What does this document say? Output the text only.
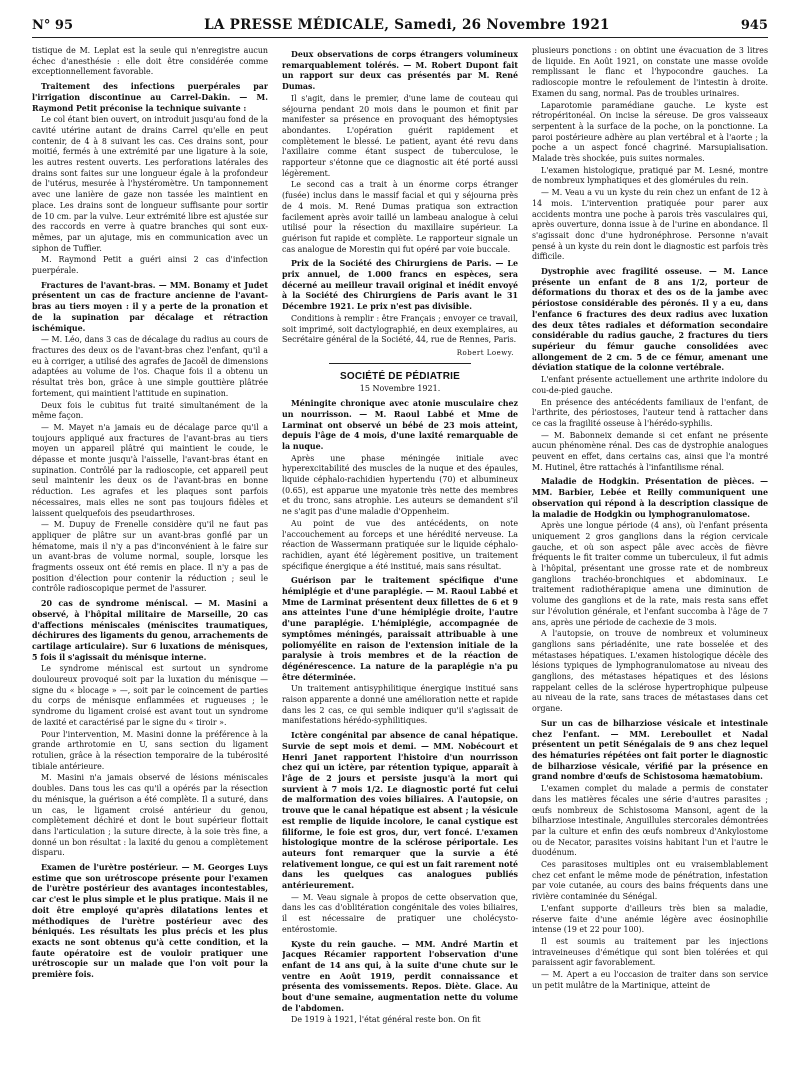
N° 95	LA PRESSE MÉDICALE, Samedi, 26 Novembre 1921	945

tistique de M. Leplat est la seule qui n'enregistre aucun échec d'anesthésie : elle doit être considérée comme exceptionnellement favorable.

Traitement des infections puerpérales par l'irrigation discontinue au Carrel-Dakin. — M. Raymond Petit préconise la technique suivante :

Le col étant bien ouvert, on introduit jusqu'au fond de la cavité utérine autant de drains Carrel qu'elle en peut contenir, de 4 à 8 suivant les cas. Ces drains sont, pour moitié, fermés à une extrémité par une ligature à la soie, les autres restent ouverts. Les perforations latérales des drains sont faites sur une longueur égale à la profondeur de l'utérus, mesurée à l'hystéromètre. Un tamponnement avec une lanière de gaze non tassée les maintient en place. Les drains sont de longueur suffisante pour sortir de 10 cm. par la vulve. Leur extrémité libre est ajustée sur des raccords en verre à quatre branches qui sont eux-mêmes, par un ajutage, mis en communication avec un siphon de Tuffier.

M. Raymond Petit a guéri ainsi 2 cas d'infection puerpérale.

Fractures de l'avant-bras. — MM. Bonamy et Judet présentent un cas de fracture ancienne de l'avant-bras au tiers moyen : il y a perte de la pronation et de la supination par décalage et rétraction ischémique.

— M. Léo, dans 3 cas de décalage du radius au cours de fractures des deux os de l'avant-bras chez l'enfant, qu'il a eu à corriger, a utilisé des agrafes de Jacoël de dimensions adaptées au volume de l'os. Chaque fois il a obtenu un résultat très bon, grâce à une simple gouttière plâtrée fortement, qui maintient l'attitude en supination.

Deux fois le cubitus fut traité simultanément de la même façon.

— M. Mayet n'a jamais eu de décalage parce qu'il a toujours appliqué aux fractures de l'avant-bras au tiers moyen un appareil plâtré qui maintient le coude, le dépasse et monte jusqu'à l'aisselle, l'avant-bras étant en supination. Contrôlé par la radioscopie, cet appareil peut seul maintenir les deux os de l'avant-bras en bonne réduction. Les agrafes et les plaques sont parfois nécessaires, mais elles ne sont pas toujours fidèles et laissent quelquefois des pseudarthroses.

— M. Dupuy de Frenelle considère qu'il ne faut pas appliquer de plâtre sur un avant-bras gonflé par un hématome, mais il n'y a pas d'inconvénient à le faire sur un avant-bras de volume normal, souple, lorsque les fragments osseux ont été remis en place. Il n'y a pas de position d'élection pour contenir la réduction ; seul le contrôle radioscopique permet de l'assurer.

20 cas de syndrome méniscal. — M. Masini a observé, à l'hôpital militaire de Marseille, 20 cas d'affections méniscales (méniscites traumatiques, déchirures des ligaments du genou, arrachements de cartilage articulaire). Sur 6 luxations de ménisques, 5 fois il s'agissait du ménisque interne.

Le syndrome méniscal est surtout un syndrome douloureux provoqué soit par la luxation du ménisque — signe du « blocage » —, soit par le coincement de parties du corps de ménisque enflammées et rugueuses ; le syndrome du ligament croisé est avant tout un syndrome de laxité et caractérisé par le signe du « tiroir ».

Pour l'intervention, M. Masini donne la préférence à la grande arthrotomie en U, sans section du ligament rotulien, grâce à la résection temporaire de la tubérosité tibiale antérieure.

M. Masini n'a jamais observé de lésions méniscales doubles. Dans tous les cas qu'il a opérés par la résection du ménisque, la guérison a été complète. Il a suturé, dans un cas, le ligament croisé antérieur du genou, complètement déchiré et dont le bout supérieur flottait dans l'articulation ; la suture directe, à la soie très fine, a donné un bon résultat : la laxité du genou a complètement disparu.

Examen de l'urètre postérieur. — M. Georges Luys estime que son urétroscope présente pour l'examen de l'urètre postérieur des avantages incontestables, car c'est le plus simple et le plus pratique. Mais il ne doit être employé qu'après dilatations lentes et méthodiques de l'urètre postérieur avec des béniqués. Les résultats les plus précis et les plus exacts ne sont obtenus qu'à cette condition, et la faute opératoire est de vouloir pratiquer une urétroscopie sur un malade que l'on voit pour la première fois.

Deux observations de corps étrangers volumineux remarquablement tolérés. — M. Robert Dupont fait un rapport sur deux cas présentés par M. René Dumas.

Il s'agit, dans le premier, d'une lame de couteau qui séjourna pendant 20 mois dans le poumon et finit par manifester sa présence en provoquant des hémoptysies abondantes. L'opération guérit rapidement et complètement le blessé. Le patient, ayant été revu dans l'axillaire comme étant suspect de tuberculose, le rapporteur s'étonne que ce diagnostic ait été porté aussi légèrement.

Le second cas a trait à un énorme corps étranger (fusée) inclus dans le massif facial et qui y séjourna près de 4 mois. M. René Dumas pratiqua son extraction facilement après avoir taillé un lambeau analogue à celui utilisé pour la résection du maxillaire supérieur. La guérison fut rapide et complète. Le rapporteur signale un cas analogue de Morestin qui fut opéré par voie buccale.

Prix de la Société des Chirurgiens de Paris. — Le prix annuel, de 1.000 francs en espèces, sera décerné au meilleur travail original et inédit envoyé à la Société des Chirurgiens de Paris avant le 31 Décembre 1921. Le prix n'est pas divisible.

Conditions à remplir : être Français ; envoyer ce travail, soit imprimé, soit dactylographié, en deux exemplaires, au Secrétaire général de la Société, 44, rue de Rennes, Paris.

Robert Loewy.
SOCIÉTÉ DE PÉDIATRIE
15 Novembre 1921.

Méningite chronique avec atonie musculaire chez un nourrisson. — M. Raoul Labbé et Mme de Larminat ont observé un bébé de 23 mois atteint, depuis l'âge de 4 mois, d'une laxité remarquable de la nuque.

Après une phase méningée initiale avec hyperexcitabilité des muscles de la nuque et des épaules, liquide céphalo-rachidien hypertendu (70) et albumineux (0.65), est apparue une myatonie très nette des membres et du tronc, sans atrophie. Les auteurs se demandent s'il ne s'agit pas d'une maladie d'Oppenheim.

Au point de vue des antécédents, on note l'accouchement au forceps et une hérédité nerveuse. La réaction de Wassermann pratiquée sur le liquide céphalo-rachidien, ayant été légèrement positive, un traitement spécifique énergique a été institué, mais sans résultat.

Guérison par le traitement spécifique d'une hémiplégie et d'une paraplégie. — M. Raoul Labbé et Mme de Larminat présentent deux fillettes de 6 et 9 ans atteintes l'une d'une hémiplégie droite, l'autre d'une paraplégie. L'hémiplégie, accompagnée de symptômes méningés, paraissait attribuable à une poliomyélite en raison de l'extension initiale de la paralysie à trois membres et de la réaction de dégénérescence. La nature de la paraplégie n'a pu être déterminée.

Un traitement antisyphilitique énergique institué sans raison apparente a donné une amélioration nette et rapide dans les 2 cas, ce qui semble indiquer qu'il s'agissait de manifestations hérédo-syphilitiques.

Ictère congénital par absence de canal hépatique. Survie de sept mois et demi. — MM. Nobécourt et Henri Janet rapportent l'histoire d'un nourrisson chez qui un ictère, par rétention typique, apparaît à l'âge de 2 jours et persiste jusqu'à la mort qui survient à 7 mois 1/2. Le diagnostic porté fut celui de malformation des voies biliaires. A l'autopsie, on trouve que le canal hépatique est absent ; la vésicule est remplie de liquide incolore, le canal cystique est filiforme, le foie est gros, dur, vert foncé. L'examen histologique montre de la sclérose périportale. Les auteurs font remarquer que la survie a été relativement longue, ce qui est un fait rarement noté dans les quelques cas analogues publiés antérieurement.

— M. Veau signale à propos de cette observation que, dans les cas d'oblitération congénitale des voies biliaires, il est nécessaire de pratiquer une cholécysto-entérostomie.

Kyste du rein gauche. — MM. André Martin et Jacques Récamier rapportent l'observation d'une enfant de 14 ans qui, à la suite d'une chute sur le ventre en Août 1919, perdit connaissance et présenta des vomissements. Repos. Diète. Glace. Au bout d'une semaine, augmentation nette du volume de l'abdomen.

De 1919 à 1921, l'état général reste bon. On fit

plusieurs ponctions : on obtint une évacuation de 3 litres de liquide. En Août 1921, on constate une masse ovoïde remplissant le flanc et l'hypocondre gauches. La radioscopie montre le refoulement de l'intestin à droite. Examen du sang, normal. Pas de troubles urinaires.

Laparotomie paramédiane gauche. Le kyste est rétropéritonéal. On incise la séreuse. De gros vaisseaux serpentent à la surface de la poche, on la ponctionne. La paroi postérieure adhère au plan vertébral et à l'aorte ; la poche a un aspect foncé chagriné. Marsupialisation. Malade très shockée, puis suites normales.

L'examen histologique, pratiqué par M. Lesné, montre de nombreux lymphatiques et des glomérules du rein.

— M. Veau a vu un kyste du rein chez un enfant de 12 à 14 mois. L'intervention pratiquée pour parer aux accidents montra une poche à parois très vasculaires qui, après ouverture, donna issue à de l'urine en abondance. Il s'agissait donc d'une hydronéphrose. Personne n'avait pensé à un kyste du rein dont le diagnostic est parfois très difficile.

Dystrophie avec fragilité osseuse. — M. Lance présente un enfant de 8 ans 1/2, porteur de déformations du thorax et des os de la jambe avec périostose considérable des péronés. Il y a eu, dans l'enfance 6 fractures des deux radius avec luxation des deux têtes radiales et déformation secondaire considérable du radius gauche, 2 fractures du tiers supérieur du fémur gauche consolidées avec allongement de 2 cm. 5 de ce fémur, amenant une déviation statique de la colonne vertébrale.

L'enfant présente actuellement une arthrite indolore du cou-de-pied gauche.

En présence des antécédents familiaux de l'enfant, de l'arthrite, des périostoses, l'auteur tend à rattacher dans ce cas la fragilité osseuse à l'hérédo-syphilis.

— M. Babonneix demande si cet enfant ne présente aucun phénomène rénal. Des cas de dystrophie analogues peuvent en effet, dans certains cas, ainsi que l'a montré M. Hutinel, être rattachés à l'infantilisme rénal.

Maladie de Hodgkin. Présentation de pièces. — MM. Barbier, Lebée et Reilly communiquent une observation qui répond à la description classique de la maladie de Hodgkin ou lymphogranulomatose.

Après une longue période (4 ans), où l'enfant présenta uniquement 2 gros ganglions dans la région cervicale gauche, et où son aspect pâle avec accès de fièvre fréquents le fit traiter comme un tuberculeux, il fut admis à l'hôpital, présentant une grosse rate et de nombreux ganglions trachéo-bronchiques et abdominaux. Le traitement radiothérapique amena une diminution de volume des ganglions et de la rate, mais resta sans effet sur l'évolution générale, et l'enfant succomba à l'âge de 7 ans, après une période de cachexie de 3 mois.

A l'autopsie, on trouve de nombreux et volumineux ganglions sans périadénite, une rate bosselée et des métastases hépatiques. L'examen histologique décèle des lésions typiques de lymphogranulomatose au niveau des ganglions, des métastases hépatiques et des lésions rappelant celles de la sclérose hypertrophique pulpeuse au niveau de la rate, sans traces de métastases dans cet organe.

Sur un cas de bilharziose vésicale et intestinale chez l'enfant. — MM. Lereboullet et Nadal présentent un petit Sénégalais de 9 ans chez lequel des hématuries répétées ont fait porter le diagnostic de bilharziose vésicale, vérifié par la présence en grand nombre d'œufs de Schistosoma hæmatobium.

L'examen complet du malade a permis de constater dans les matières fécales une série d'autres parasites ; œufs nombreux de Schistosoma Mansoni, agent de la bilharziose intestinale, Anguillules stercorales démontrées par la culture et enfin des œufs nombreux d'Ankylostome ou de Necator, parasites voisins habitant l'un et l'autre le duodénum.

Ces parasitoses multiples ont eu vraisemblablement chez cet enfant le même mode de pénétration, infestation par voie cutanée, au cours des bains fréquents dans une rivière contaminée du Sénégal.

L'enfant supporte d'ailleurs très bien sa maladie, réserve faite d'une anémie légère avec éosinophilie intense (19 et 22 pour 100).

Il est soumis au traitement par les injections intraveineuses d'émétique qui sont bien tolérées et qui paraissent agir favorablement.

— M. Apert a eu l'occasion de traiter dans son service un petit mulâtre de la Martinique, atteint de
